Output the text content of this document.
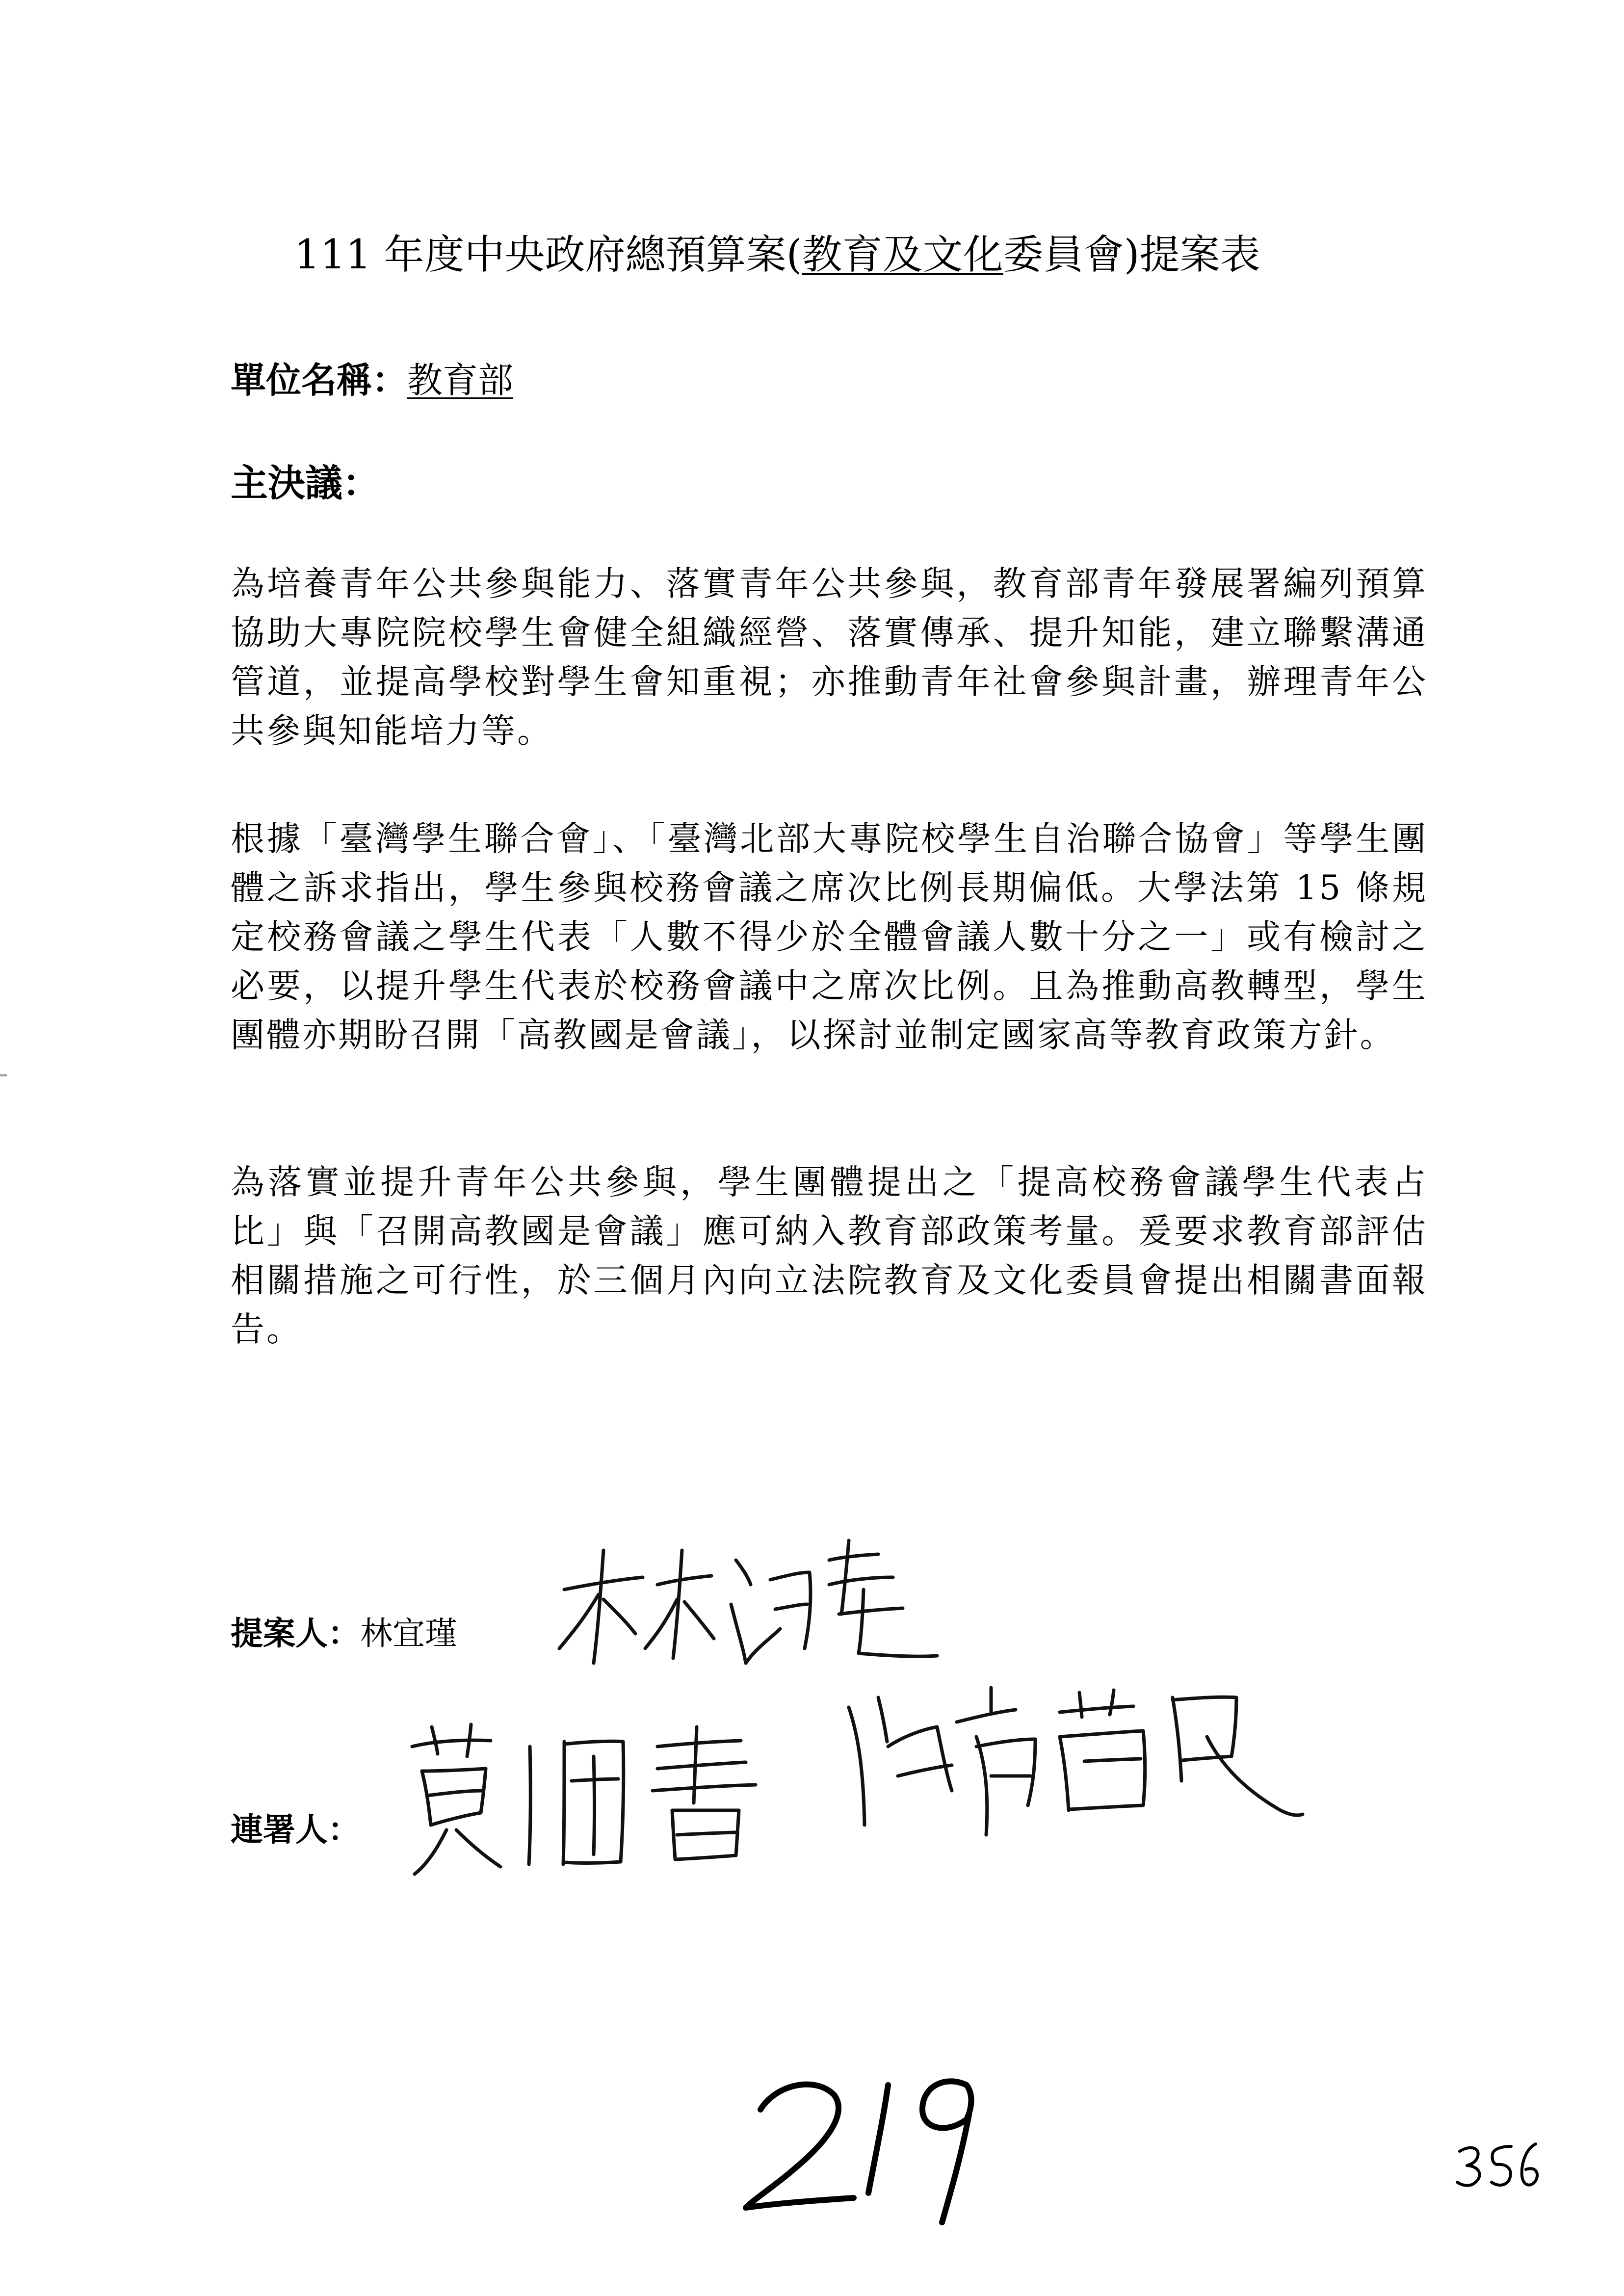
111 年度中央政府總預算案(教育及文化委員會)提案表
單位名稱：教育部
主決議：
為培養青年公共參與能力、落實青年公共參與，教育部青年發展署編列預算協助大專院院校學生會健全組織經營、落實傳承、提升知能，建立聯繫溝通管道，並提高學校對學生會知重視；亦推動青年社會參與計畫，辦理青年公共參與知能培力等。
根據「臺灣學生聯合會」、「臺灣北部大專院校學生自治聯合協會」等學生團體之訴求指出，學生參與校務會議之席次比例長期偏低。大學法第 15 條規定校務會議之學生代表「人數不得少於全體會議人數十分之一」或有檢討之必要，以提升學生代表於校務會議中之席次比例。且為推動高教轉型，學生團體亦期盼召開「高教國是會議」，以探討並制定國家高等教育政策方針。
為落實並提升青年公共參與，學生團體提出之「提高校務會議學生代表占比」與「召開高教國是會議」應可納入教育部政策考量。爰要求教育部評估相關措施之可行性，於三個月內向立法院教育及文化委員會提出相關書面報告。
提案人：林宜瑾
連署人：
